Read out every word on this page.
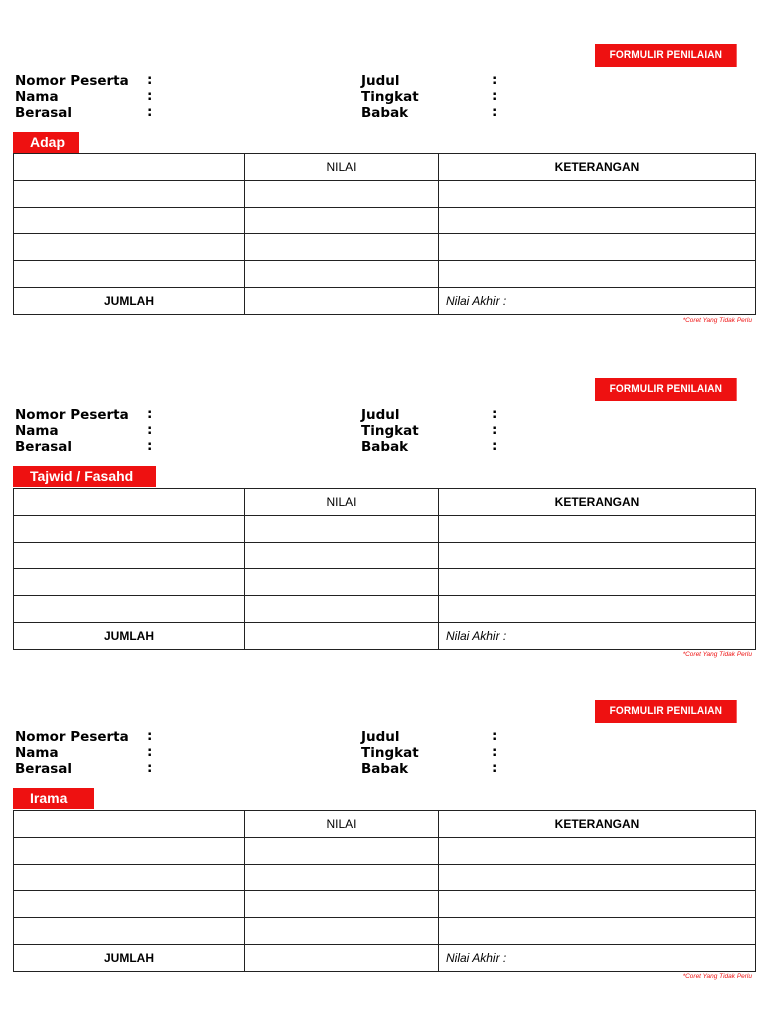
FORMULIR PENILAIAN AZAN
Nomor Peserta :
Nama	:
Berasal	:
Judul	:
Tingkat	:
Babak	:
Adap
	NILAI	KETERANGAN

JUMLAH		Nilai Akhir :
*Coret Yang Tidak Perlu
FORMULIR PENILAIAN AZAN
Nomor Peserta :
Nama	:
Berasal	:
Judul	:
Tingkat	:
Babak	:
Tajwid / Fasahd
	NILAI	KETERANGAN

JUMLAH		Nilai Akhir :
*Coret Yang Tidak Perlu
FORMULIR PENILAIAN AZAN
Nomor Peserta :
Nama	:
Berasal	:
Judul	:
Tingkat	:
Babak	:
Irama
	NILAI	KETERANGAN

JUMLAH		Nilai Akhir :
*Coret Yang Tidak Perlu
